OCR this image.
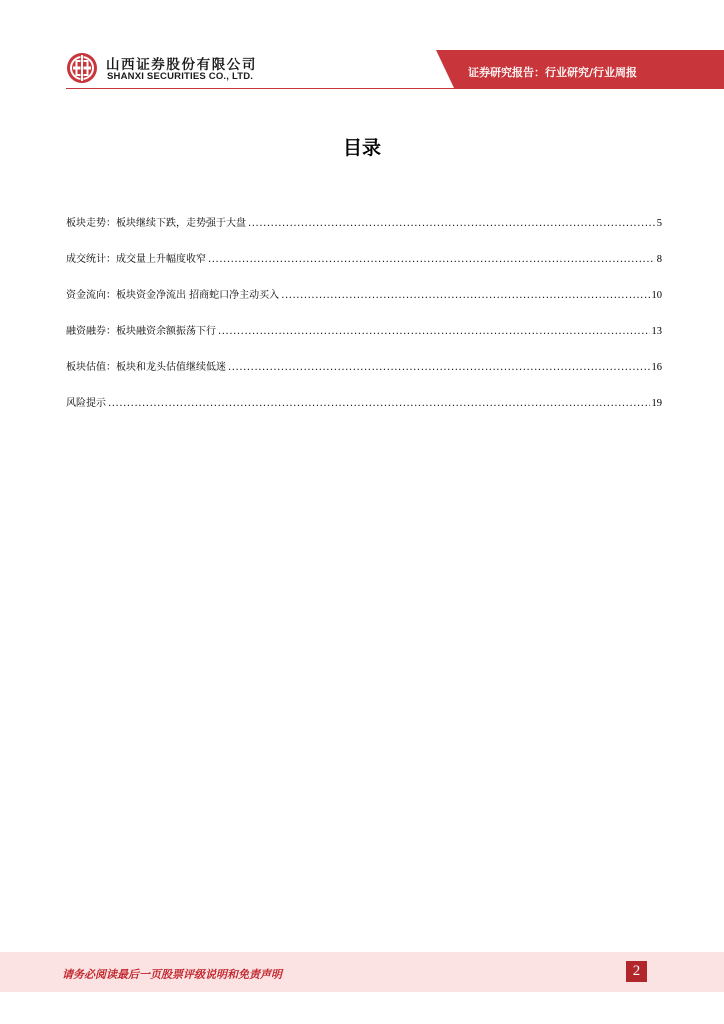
山西证券股份有限公司
SHANXI SECURITIES CO., LTD.	证券研究报告：行业研究/行业周报
目录
板块走势：板块继续下跌，走势强于大盘 .....	5
成交统计：成交量上升幅度收窄 .....	8
资金流向：板块资金净流出 招商蛇口净主动买入 .....	10
融资融券：板块融资余额振荡下行 .....	13
板块估值：板块和龙头估值继续低迷 .....	16
风险提示 .....	19
请务必阅读最后一页股票评级说明和免责声明	2
